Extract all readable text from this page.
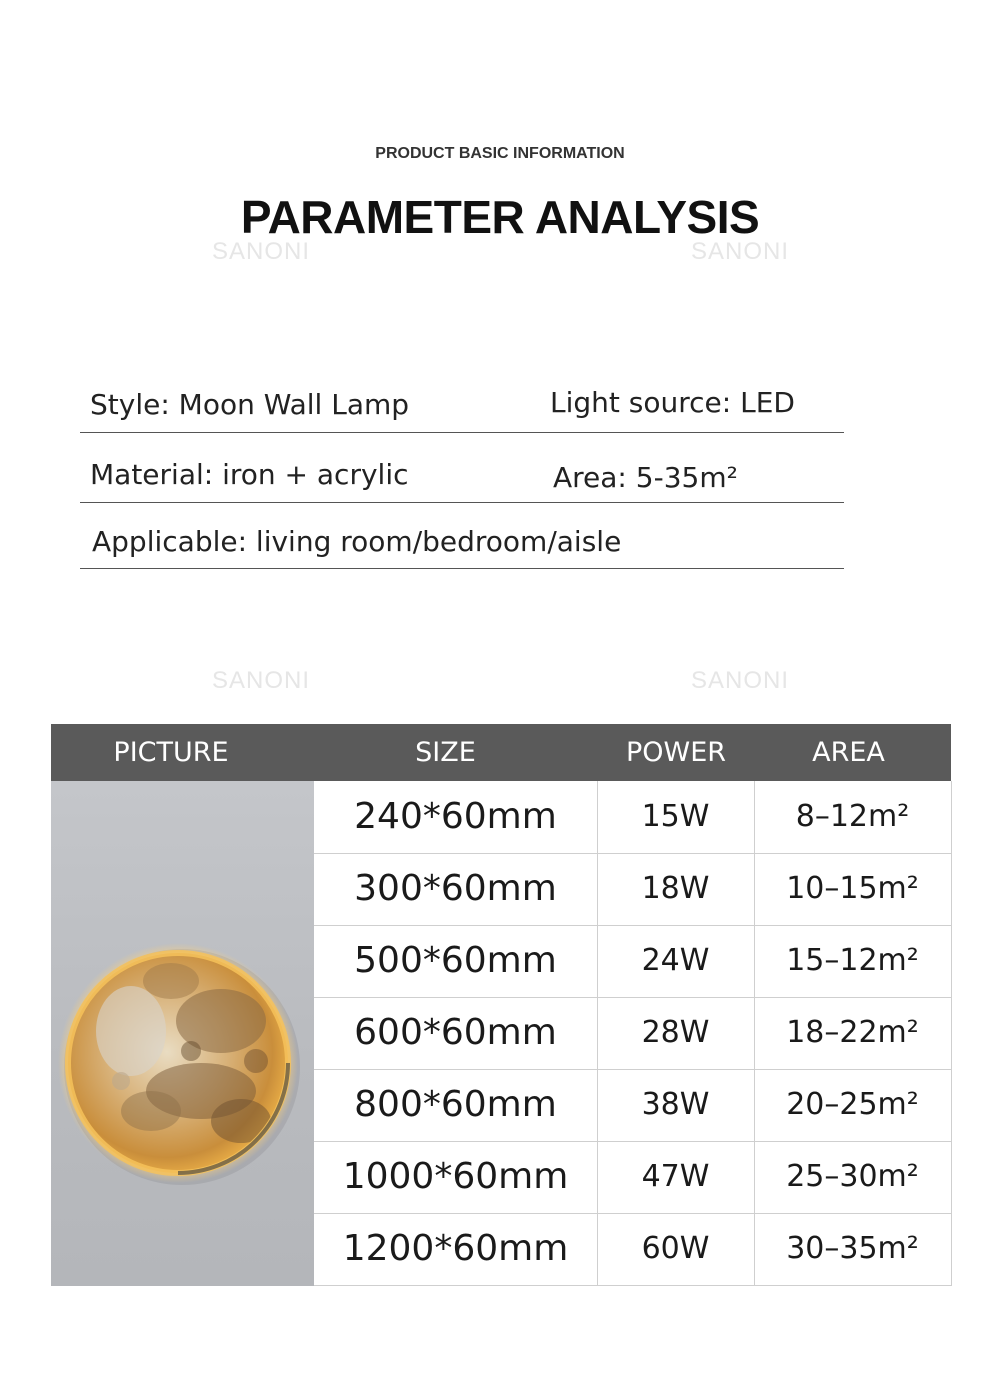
SANONI	SANONI
SANONI	SANONI
PRODUCT BASIC INFORMATION
PARAMETER ANALYSIS
Style: Moon Wall Lamp	Light source: LED
Material: iron + acrylic	Area: 5-35m²
Applicable: living room/bedroom/aisle
PICTURE	SIZE	POWER	AREA
240*60mm	15W	8–12m²
300*60mm	18W	10–15m²
500*60mm	24W	15–12m²
600*60mm	28W	18–22m²
800*60mm	38W	20–25m²
1000*60mm	47W	25–30m²
1200*60mm	60W	30–35m²
